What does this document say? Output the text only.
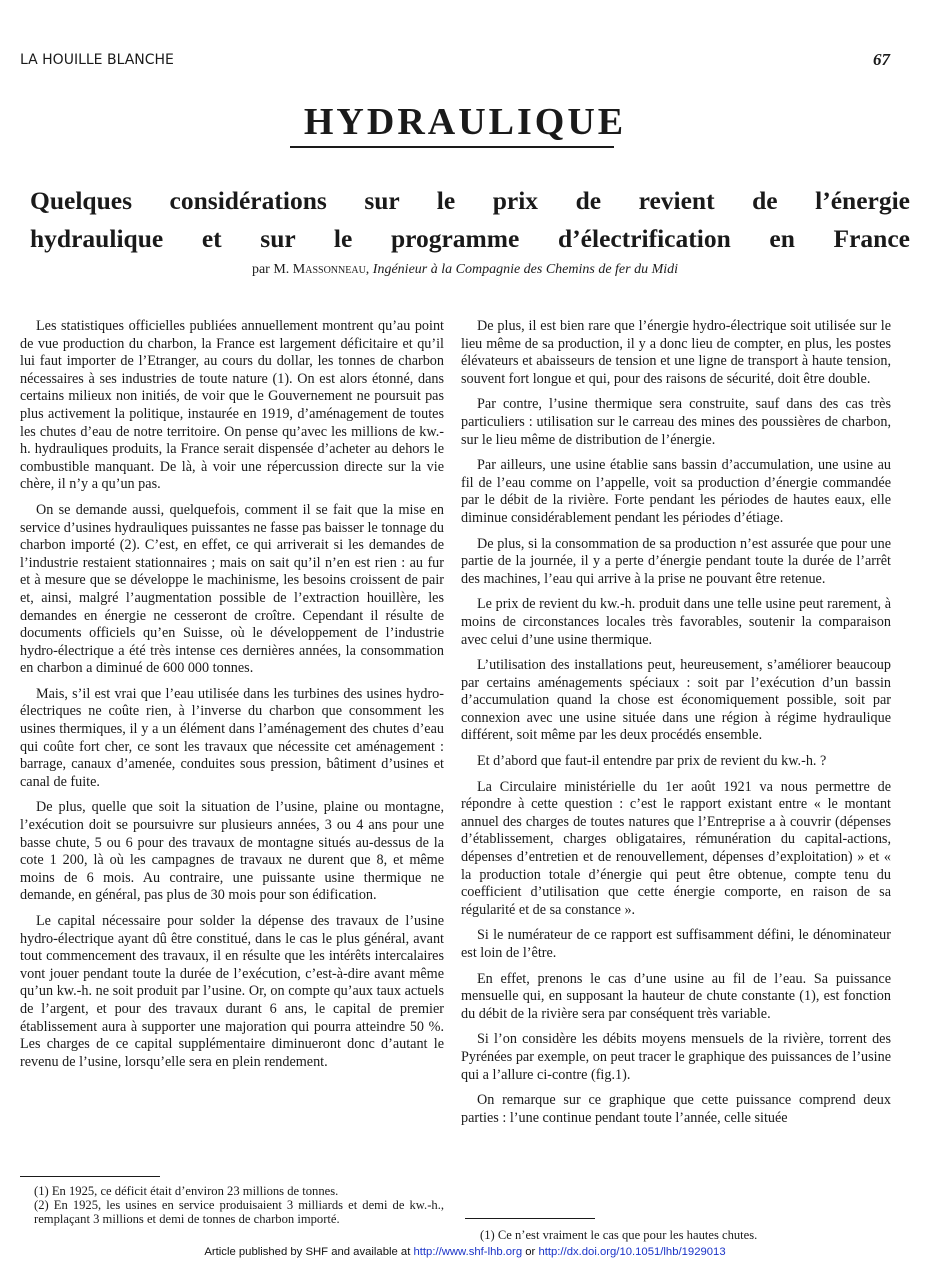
LA HOUILLE BLANCHE	67
HYDRAULIQUE
Quelques considérations sur le prix de revient de l’énergie
hydraulique et sur le programme d’électrification en France
par M. Massonneau, Ingénieur à la Compagnie des Chemins de fer du Midi

Les statistiques officielles publiées annuellement montrent qu’au point de vue production du charbon, la France est largement déficitaire et qu’il lui faut importer de l’Etranger, au cours du dollar, les tonnes de charbon nécessaires à ses industries de toute nature (1). On est alors étonné, dans certains milieux non initiés, de voir que le Gouvernement ne poursuit pas plus activement la politique, instaurée en 1919, d’aménagement de toutes les chutes d’eau de notre territoire. On pense qu’avec les millions de kw.-h. hydrauliques produits, la France serait dispensée d’acheter au dehors le combustible manquant. De là, à voir une répercussion directe sur la vie chère, il n’y a qu’un pas.

On se demande aussi, quelquefois, comment il se fait que la mise en service d’usines hydrauliques puissantes ne fasse pas baisser le tonnage du charbon importé (2). C’est, en effet, ce qui arriverait si les demandes de l’industrie restaient stationnaires ; mais on sait qu’il n’en est rien : au fur et à mesure que se développe le machinisme, les besoins croissent de pair et, ainsi, malgré l’augmentation possible de l’extraction houillère, les demandes en énergie ne cesseront de croître. Cependant il résulte de documents officiels qu’en Suisse, où le développement de l’industrie hydro-électrique a été très intense ces dernières années, la consommation en charbon a diminué de 600 000 tonnes.

Mais, s’il est vrai que l’eau utilisée dans les turbines des usines hydro-électriques ne coûte rien, à l’inverse du charbon que consomment les usines thermiques, il y a un élément dans l’aménagement des chutes d’eau qui coûte fort cher, ce sont les travaux que nécessite cet aménagement : barrage, canaux d’amenée, conduites sous pression, bâtiment d’usines et canal de fuite.

De plus, quelle que soit la situation de l’usine, plaine ou montagne, l’exécution doit se poursuivre sur plusieurs années, 3 ou 4 ans pour une basse chute, 5 ou 6 pour des travaux de montagne situés au-dessus de la cote 1 200, là où les campagnes de travaux ne durent que 8, et même moins de 6 mois. Au contraire, une puissante usine thermique ne demande, en général, pas plus de 30 mois pour son édification.

Le capital nécessaire pour solder la dépense des travaux de l’usine hydro-électrique ayant dû être constitué, dans le cas le plus général, avant tout commencement des travaux, il en résulte que les intérêts intercalaires vont jouer pendant toute la durée de l’exécution, c’est-à-dire avant même qu’un kw.-h. ne soit produit par l’usine. Or, on compte qu’aux taux actuels de l’argent, et pour des travaux durant 6 ans, le capital de premier établissement aura à supporter une majoration qui pourra atteindre 50 %. Les charges de ce capital supplémentaire diminueront donc d’autant le revenu de l’usine, lorsqu’elle sera en plein rendement.

De plus, il est bien rare que l’énergie hydro-électrique soit utilisée sur le lieu même de sa production, il y a donc lieu de compter, en plus, les postes élévateurs et abaisseurs de tension et une ligne de transport à haute tension, souvent fort longue et qui, pour des raisons de sécurité, doit être double.

Par contre, l’usine thermique sera construite, sauf dans des cas très particuliers : utilisation sur le carreau des mines des poussières de charbon, sur le lieu même de distribution de l’énergie.

Par ailleurs, une usine établie sans bassin d’accumulation, une usine au fil de l’eau comme on l’appelle, voit sa production d’énergie commandée par le débit de la rivière. Forte pendant les périodes de hautes eaux, elle diminue considérablement pendant les périodes d’étiage.

De plus, si la consommation de sa production n’est assurée que pour une partie de la journée, il y a perte d’énergie pendant toute la durée de l’arrêt des machines, l’eau qui arrive à la prise ne pouvant être retenue.

Le prix de revient du kw.-h. produit dans une telle usine peut rarement, à moins de circonstances locales très favorables, soutenir la comparaison avec celui d’une usine thermique.

L’utilisation des installations peut, heureusement, s’améliorer beaucoup par certains aménagements spéciaux : soit par l’exécution d’un bassin d’accumulation quand la chose est économiquement possible, soit par connexion avec une usine située dans une région à régime hydraulique différent, soit même par les deux procédés ensemble.

Et d’abord que faut-il entendre par prix de revient du kw.-h. ?

La Circulaire ministérielle du 1er août 1921 va nous permettre de répondre à cette question : c’est le rapport existant entre « le montant annuel des charges de toutes natures que l’Entreprise a à couvrir (dépenses d’établissement, charges obligataires, rémunération du capital-actions, dépenses d’entretien et de renouvellement, dépenses d’exploitation) » et « la production totale d’énergie qui peut être obtenue, compte tenu du coefficient d’utilisation que cette énergie comporte, en raison de sa régularité et de sa constance ».

Si le numérateur de ce rapport est suffisamment défini, le dénominateur est loin de l’être.

En effet, prenons le cas d’une usine au fil de l’eau. Sa puissance mensuelle qui, en supposant la hauteur de chute constante (1), est fonction du débit de la rivière sera par conséquent très variable.

Si l’on considère les débits moyens mensuels de la rivière, torrent des Pyrénées par exemple, on peut tracer le graphique des puissances de l’usine qui a l’allure ci-contre (fig.1).

On remarque sur ce graphique que cette puissance comprend deux parties : l’une continue pendant toute l’année, celle située

(1) En 1925, ce déficit était d’environ 23 millions de tonnes.
(2) En 1925, les usines en service produisaient 3 milliards et demi de kw.-h., remplaçant 3 millions et demi de tonnes de charbon importé.
(1) Ce n’est vraiment le cas que pour les hautes chutes.
Article published by SHF and available at http://www.shf-lhb.org or http://dx.doi.org/10.1051/lhb/1929013
